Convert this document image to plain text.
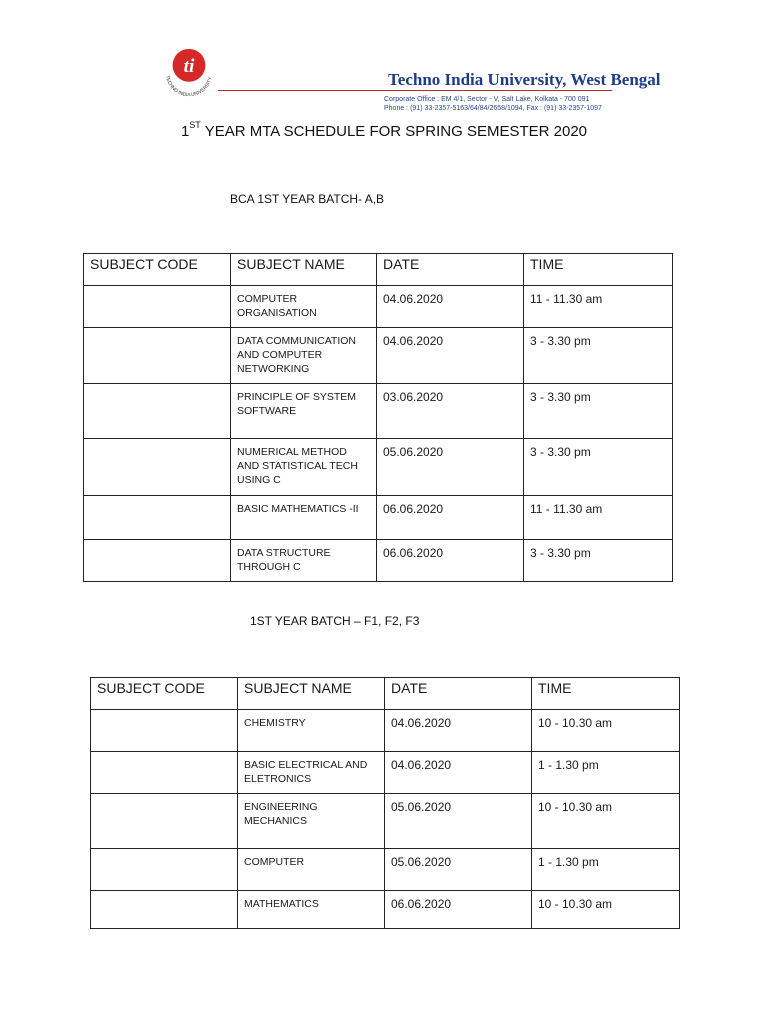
ti
TECHNO INDIA UNIVERSITY	Techno India University, West Bengal
Corporate Office : EM 4/1, Sector - V, Salt Lake, Kolkata - 700 091
Phone : (91) 33-2357-5163/64/84/2658/1094, Fax : (91) 33-2357-1097
1ST YEAR MTA SCHEDULE FOR SPRING SEMESTER 2020
BCA 1ST YEAR BATCH- A,B
SUBJECT CODE	SUBJECT NAME	DATE	TIME
	COMPUTER ORGANISATION	04.06.2020	11 - 11.30 am
	DATA COMMUNICATION AND COMPUTER NETWORKING	04.06.2020	3 - 3.30 pm
	PRINCIPLE OF SYSTEM SOFTWARE	03.06.2020	3 - 3.30 pm
	NUMERICAL METHOD AND STATISTICAL TECH USING C	05.06.2020	3 - 3.30 pm
	BASIC MATHEMATICS -II	06.06.2020	11 - 11.30 am
	DATA STRUCTURE THROUGH C	06.06.2020	3 - 3.30 pm
1ST YEAR BATCH – F1, F2, F3
SUBJECT CODE	SUBJECT NAME	DATE	TIME
	CHEMISTRY	04.06.2020	10 - 10.30 am
	BASIC ELECTRICAL AND ELETRONICS	04.06.2020	1 - 1.30 pm
	ENGINEERING MECHANICS	05.06.2020	10 - 10.30 am
	COMPUTER	05.06.2020	1 - 1.30 pm
	MATHEMATICS	06.06.2020	10 - 10.30 am
